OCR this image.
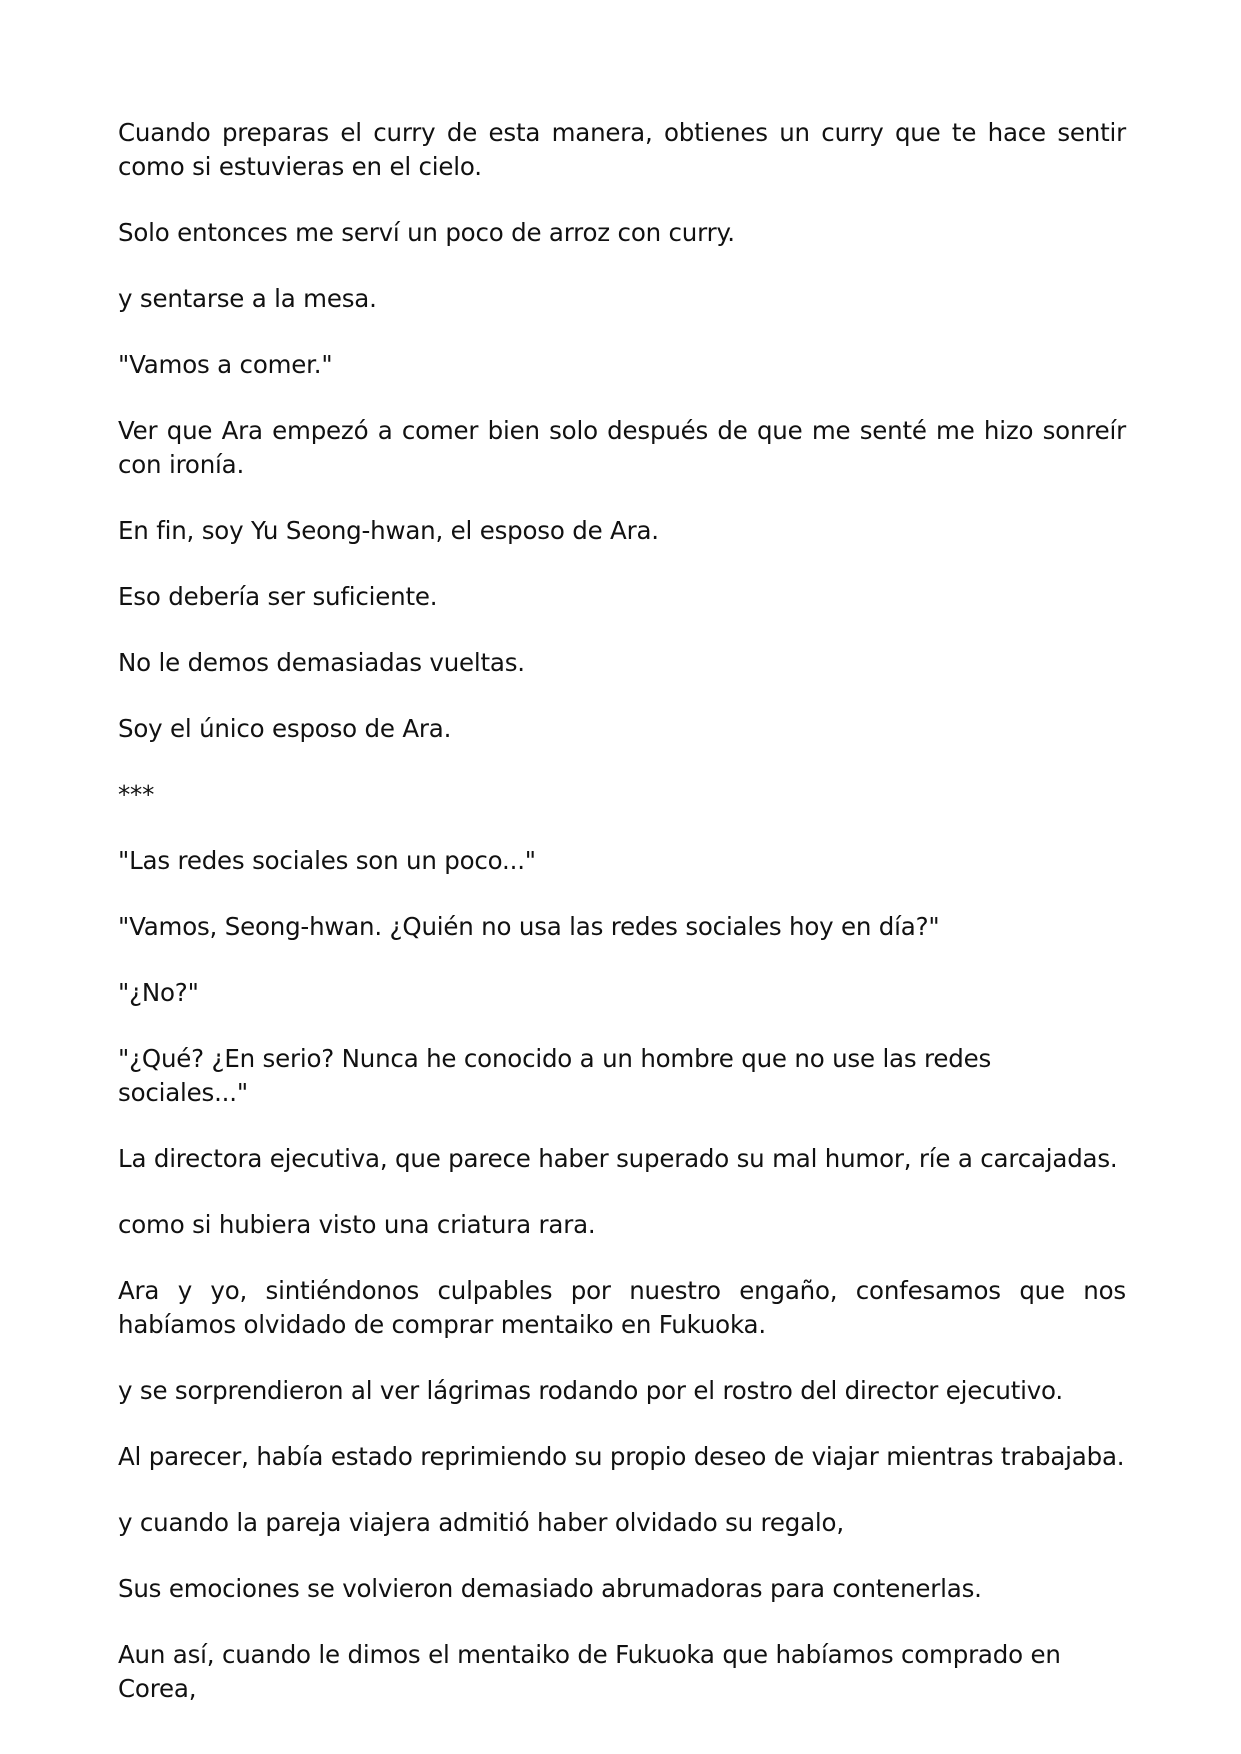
Cuando preparas el curry de esta manera, obtienes un curry que te hace sentir como si estuvieras en el cielo.

Solo entonces me serví un poco de arroz con curry.

y sentarse a la mesa.

"Vamos a comer."

Ver que Ara empezó a comer bien solo después de que me senté me hizo sonreír con ironía.

En fin, soy Yu Seong-hwan, el esposo de Ara.

Eso debería ser suficiente.

No le demos demasiadas vueltas.

Soy el único esposo de Ara.

***

"Las redes sociales son un poco..."

"Vamos, Seong-hwan. ¿Quién no usa las redes sociales hoy en día?"

"¿No?"

"¿Qué? ¿En serio? Nunca he conocido a un hombre que no use las redes sociales..."

La directora ejecutiva, que parece haber superado su mal humor, ríe a carcajadas.

como si hubiera visto una criatura rara.

Ara y yo, sintiéndonos culpables por nuestro engaño, confesamos que nos habíamos olvidado de comprar mentaiko en Fukuoka.

y se sorprendieron al ver lágrimas rodando por el rostro del director ejecutivo.

Al parecer, había estado reprimiendo su propio deseo de viajar mientras trabajaba.

y cuando la pareja viajera admitió haber olvidado su regalo,

Sus emociones se volvieron demasiado abrumadoras para contenerlas.

Aun así, cuando le dimos el mentaiko de Fukuoka que habíamos comprado en Corea,
